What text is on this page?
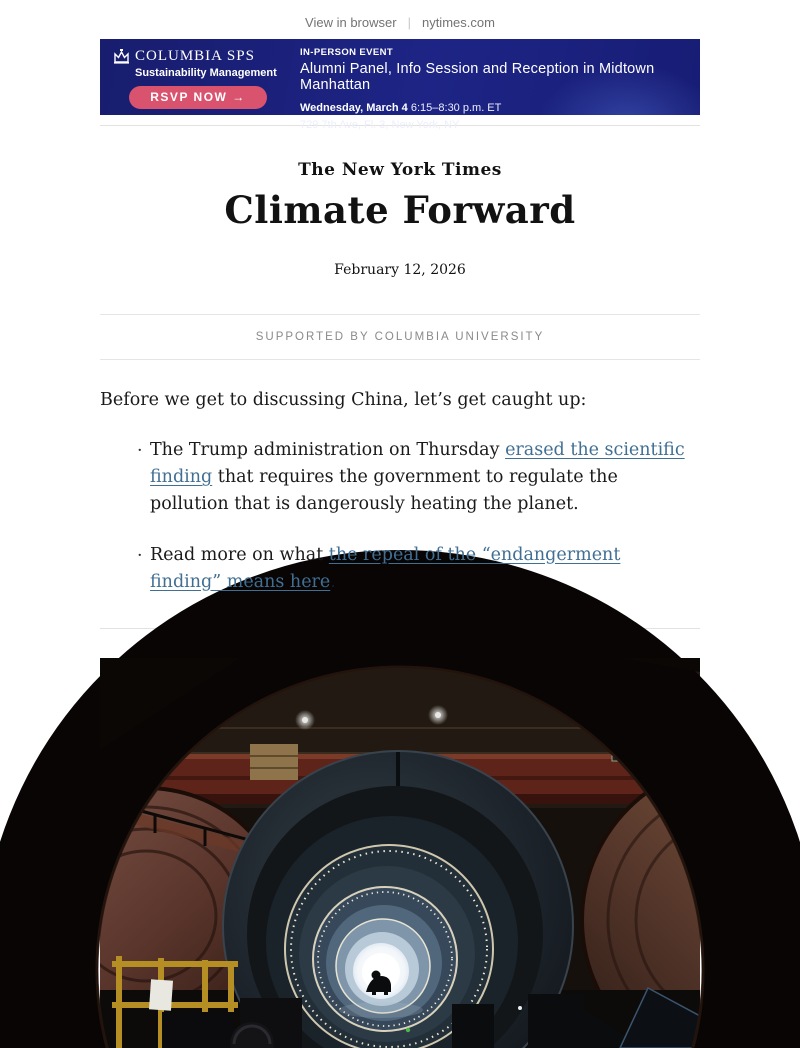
View in browser | nytimes.com
COLUMBIA SPS
Sustainability Management
RSVP NOW →
IN-PERSON EVENT
Alumni Panel, Info Session and Reception in Midtown Manhattan
Wednesday, March 4 6:15–8:30 p.m. ET
729 7th Ave, Fl. 3, New York, NY
The New York Times
Climate Forward
February 12, 2026
SUPPORTED BY COLUMBIA UNIVERSITY

Before we get to discussing China, let’s get caught up:

· The Trump administration on Thursday erased the scientific finding that requires the government to regulate the pollution that is dangerously heating the planet.
· Read more on what the repeal of the “endangerment finding” means here.
354
